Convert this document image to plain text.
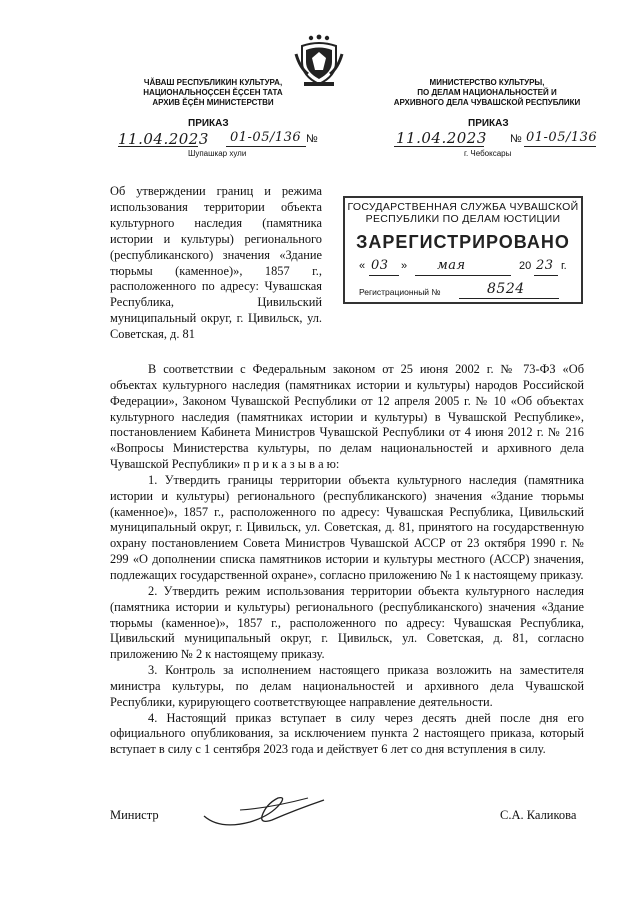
ЧĂВАШ РЕСПУБЛИКИН КУЛЬТУРА,
НАЦИОНАЛЬНОÇСЕН ĔÇСЕН ТАТА
АРХИВ ĔÇĔН МИНИСТЕРСТВИ
МИНИСТЕРСТВО КУЛЬТУРЫ,
ПО ДЕЛАМ НАЦИОНАЛЬНОСТЕЙ И
АРХИВНОГО ДЕЛА ЧУВАШСКОЙ РЕСПУБЛИКИ
ПРИКАЗ	ПРИКАЗ
11.04.2023 01-05/136 №
Шупашкар хули
11.04.2023 № 01-05/136
г. Чебоксары
Об утверждении границ и режима использования территории объекта культурного наследия (памятника истории и культуры) регионального (республиканского) значения «Здание тюрьмы (каменное)», 1857 г., расположенного по адресу: Чувашская Республика, Цивильский муниципальный округ, г. Цивильск, ул. Советская, д. 81
ГОСУДАРСТВЕННАЯ СЛУЖБА ЧУВАШСКОЙ
РЕСПУБЛИКИ ПО ДЕЛАМ ЮСТИЦИИ
ЗАРЕГИСТРИРОВАНО
« 03 » мая	20 23 г.
Регистрационный №	8524

В соответствии с Федеральным законом от 25 июня 2002 г. № 73-ФЗ «Об объектах культурного наследия (памятниках истории и культуры) народов Российской Федерации», Законом Чувашской Республики от 12 апреля 2005 г. № 10 «Об объектах культурного наследия (памятниках истории и культуры) в Чувашской Республике», постановлением Кабинета Министров Чувашской Республики от 4 июня 2012 г. № 216 «Вопросы Министерства культуры, по делам национальностей и архивного дела Чувашской Республики» п р и к а з ы в а ю:

1. Утвердить границы территории объекта культурного наследия (памятника истории и культуры) регионального (республиканского) значения «Здание тюрьмы (каменное)», 1857 г., расположенного по адресу: Чувашская Республика, Цивильский муниципальный округ, г. Цивильск, ул. Советская, д. 81, принятого на государственную охрану постановлением Совета Министров Чувашской АССР от 23 октября 1990 г. № 299 «О дополнении списка памятников истории и культуры местного (АССР) значения, подлежащих государственной охране», согласно приложению № 1 к настоящему приказу.

2. Утвердить режим использования территории объекта культурного наследия (памятника истории и культуры) регионального (республиканского) значения «Здание тюрьмы (каменное)», 1857 г., расположенного по адресу: Чувашская Республика, Цивильский муниципальный округ, г. Цивильск, ул. Советская, д. 81, согласно приложению № 2 к настоящему приказу.

3. Контроль за исполнением настоящего приказа возложить на заместителя министра культуры, по делам национальностей и архивного дела Чувашской Республики, курирующего соответствующее направление деятельности.

4. Настоящий приказ вступает в силу через десять дней после дня его официального опубликования, за исключением пункта 2 настоящего приказа, который вступает в силу с 1 сентября 2023 года и действует 6 лет со дня вступления в силу.

Министр	С.А. Каликова
